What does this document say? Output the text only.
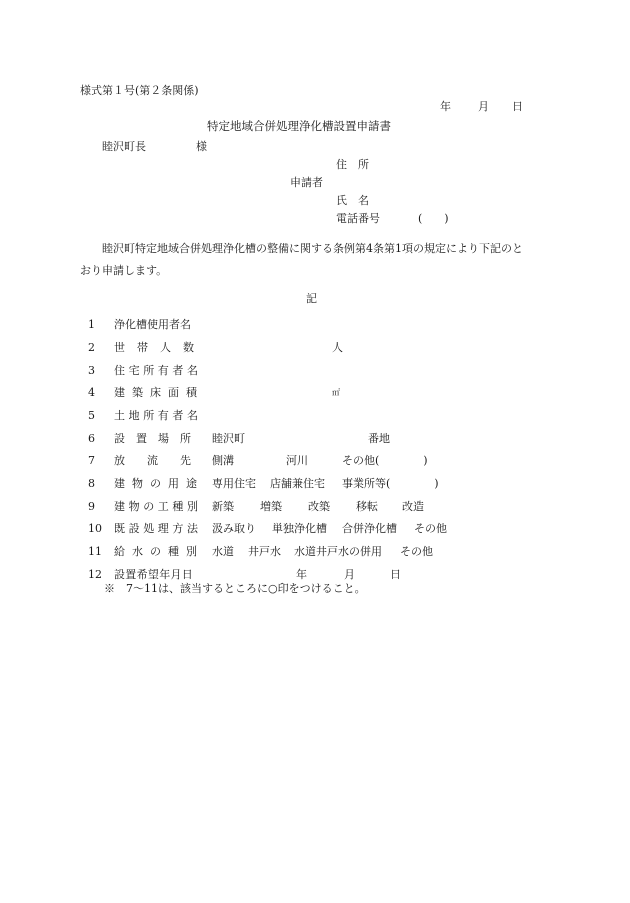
様式第１号(第２条関係)
年 月 日
特定地域合併処理浄化槽設置申請書
睦沢町長	様
住　所
申請者
氏　名
電話番号	(　　)
睦沢町特定地域合併処理浄化槽の整備に関する条例第4条第1項の規定により下記のと
おり申請します。
記
1 浄化槽使用者名
2 世　帯　人　数	人
3 住宅所有者名
4 建築床面積	㎡
5 土地所有者名
6 設　置　場　所 睦沢町	番地
7 放　　流　　先 側溝	河川	その他(　　　　)
8 建物の用途 専用住宅 店舗兼住宅 事業所等(　　　　)
9 建物の工種別 新築 増築 改築 移転 改造
10 既設処理方法 汲み取り 単独浄化槽 合併浄化槽 その他
11 給水の種別 水道 井戸水 水道井戸水の併用 その他
12 設置希望年月日	年	月	日
※　7～11は、該当するところに○印をつけること。
